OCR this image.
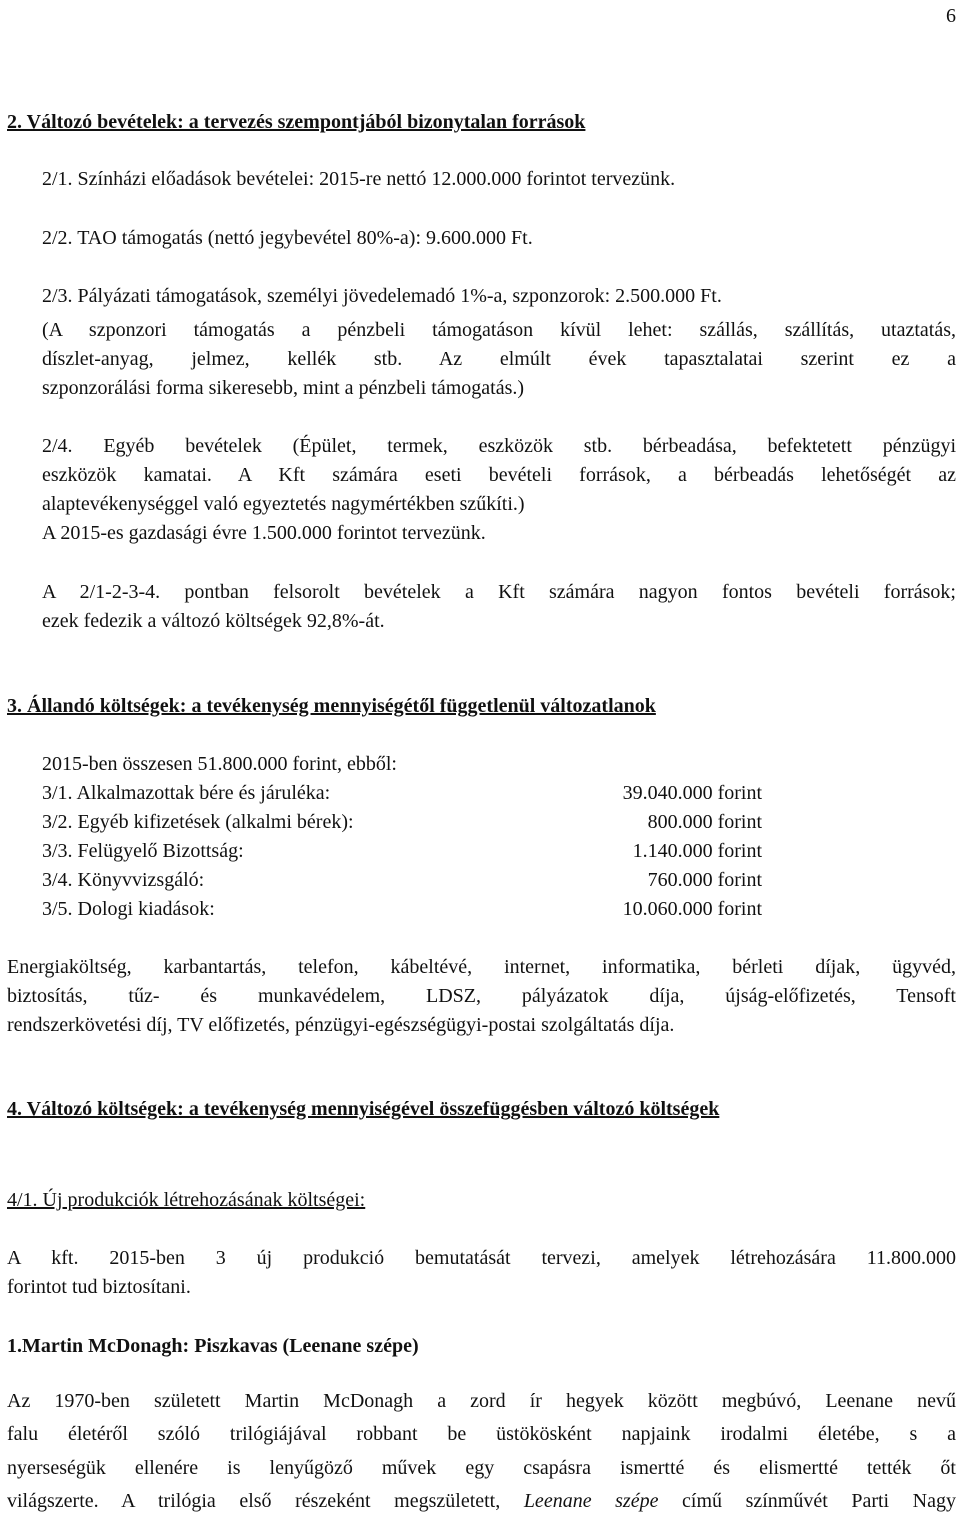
6
2. Változó bevételek: a tervezés szempontjából bizonytalan források
2/1. Színházi előadások bevételei: 2015-re nettó 12.000.000 forintot tervezünk.
2/2. TAO támogatás (nettó jegybevétel 80%-a): 9.600.000 Ft.
2/3. Pályázati támogatások, személyi jövedelemadó 1%-a, szponzorok: 2.500.000 Ft.
(A szponzori támogatás a pénzbeli támogatáson kívül lehet: szállás, szállítás, utaztatás,
díszlet-anyag, jelmez, kellék stb. Az elmúlt évek tapasztalatai szerint ez a
szponzorálási forma sikeresebb, mint a pénzbeli támogatás.)
2/4. Egyéb bevételek (Épület, termek, eszközök stb. bérbeadása, befektetett pénzügyi
eszközök kamatai. A Kft számára eseti bevételi források, a bérbeadás lehetőségét az
alaptevékenységgel való egyeztetés nagymértékben szűkíti.)
A 2015-es gazdasági évre 1.500.000 forintot tervezünk.
A 2/1-2-3-4. pontban felsorolt bevételek a Kft számára nagyon fontos bevételi források;
ezek fedezik a változó költségek 92,8%-át.
3. Állandó költségek: a tevékenység mennyiségétől függetlenül változatlanok
2015-ben összesen 51.800.000 forint, ebből:
3/1. Alkalmazottak bére és járuléka:	39.040.000 forint
3/2. Egyéb kifizetések (alkalmi bérek):	800.000 forint
3/3. Felügyelő Bizottság:	1.140.000 forint
3/4. Könyvvizsgáló:	760.000 forint
3/5. Dologi kiadások:	10.060.000 forint
Energiaköltség, karbantartás, telefon, kábeltévé, internet, informatika, bérleti díjak, ügyvéd,
biztosítás, tűz- és munkavédelem, LDSZ, pályázatok díja, újság-előfizetés, Tensoft
rendszerkövetési díj, TV előfizetés, pénzügyi-egészségügyi-postai szolgáltatás díja.
4. Változó költségek: a tevékenység mennyiségével összefüggésben változó költségek
4/1. Új produkciók létrehozásának költségei:
A kft. 2015-ben 3 új produkció bemutatását tervezi, amelyek létrehozására 11.800.000
forintot tud biztosítani.
1.Martin McDonagh: Piszkavas (Leenane szépe)
Az 1970-ben született Martin McDonagh a zord ír hegyek között megbúvó, Leenane nevű
falu életéről szóló trilógiájával robbant be üstökösként napjaink irodalmi életébe, s a
nyerseségük ellenére is lenyűgöző művek egy csapásra ismertté és elismertté tették őt
világszerte. A trilógia első részeként megszületett, Leenane szépe című színművét Parti Nagy
